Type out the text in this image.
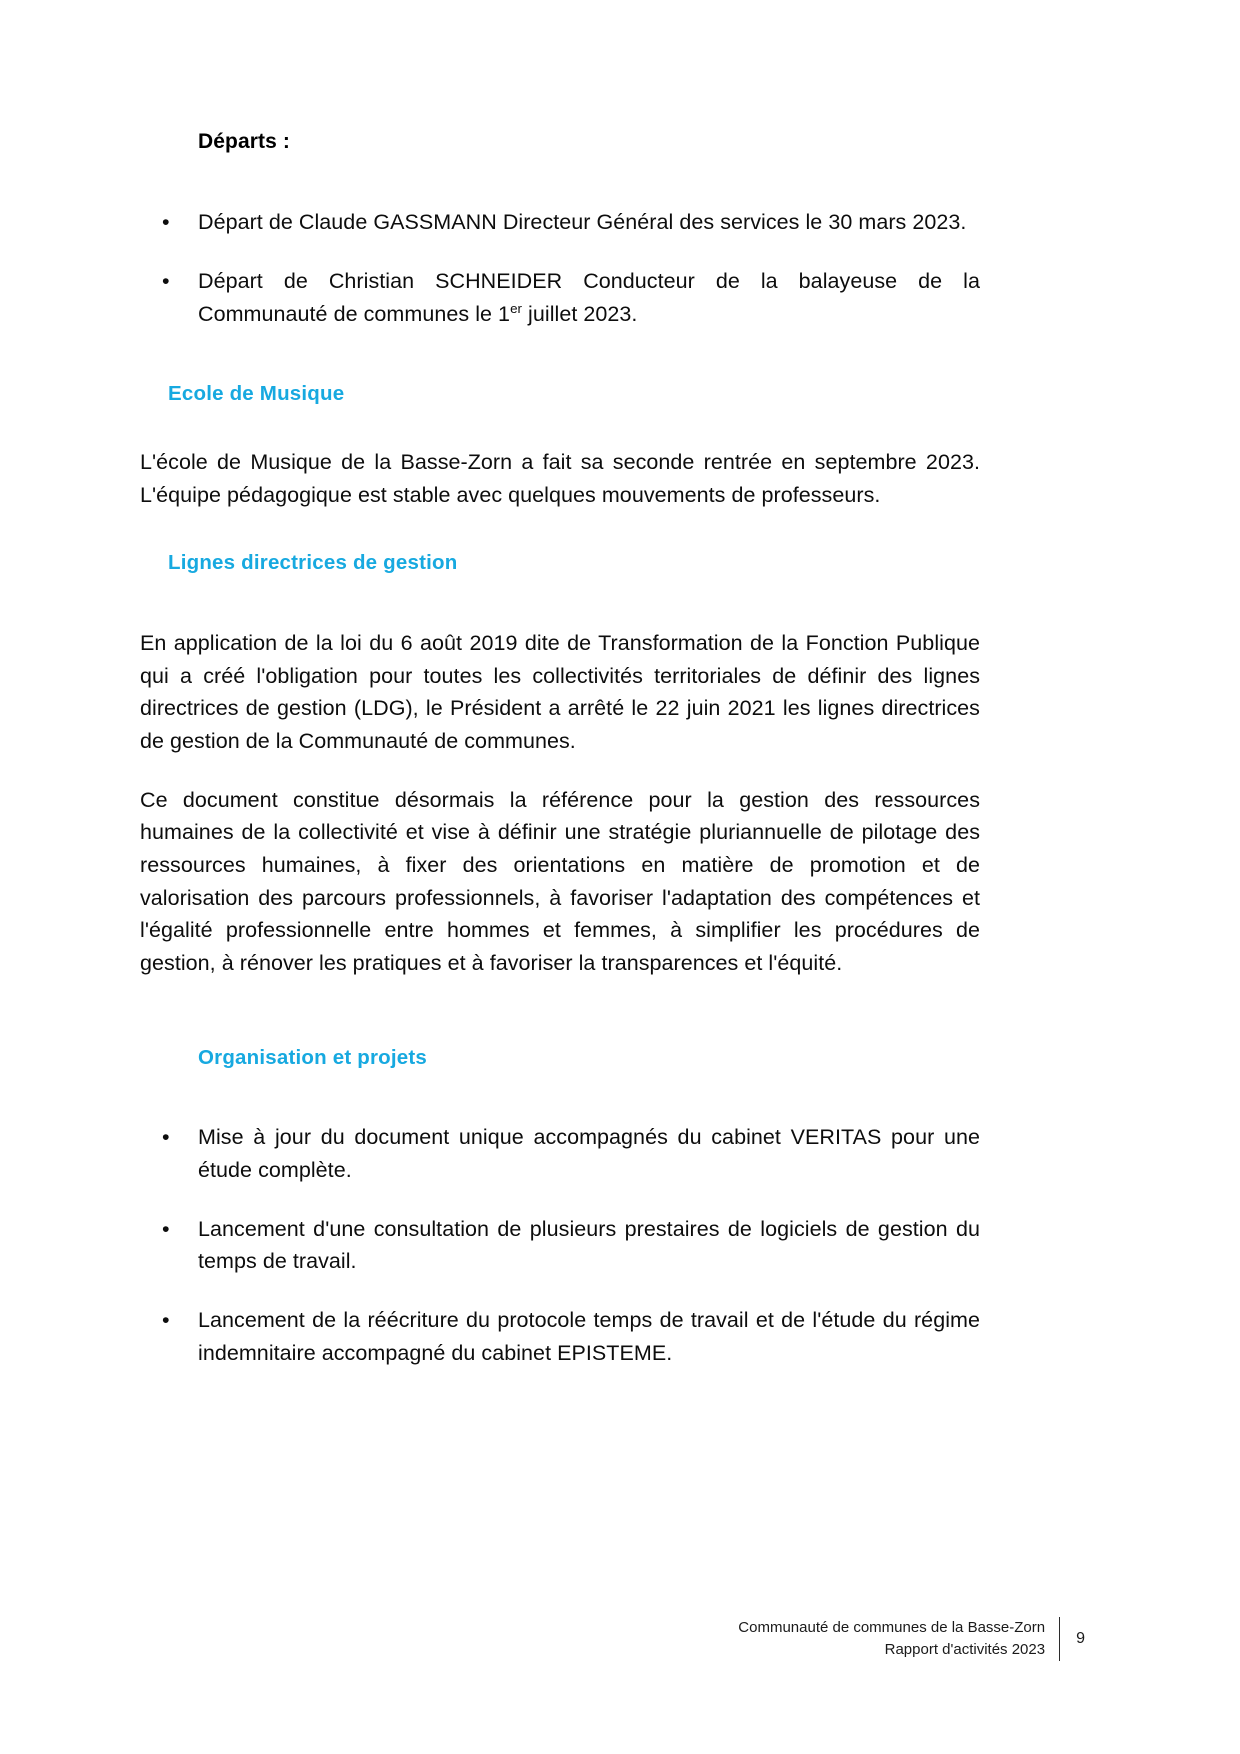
Départs :

• Départ de Claude GASSMANN Directeur Général des services le 30 mars 2023.

• Départ de Christian SCHNEIDER Conducteur de la balayeuse de la Communauté de communes le 1er juillet 2023.

Ecole de Musique

L'école de Musique de la Basse-Zorn a fait sa seconde rentrée en septembre 2023. L'équipe pédagogique est stable avec quelques mouvements de professeurs.

Lignes directrices de gestion

En application de la loi du 6 août 2019 dite de Transformation de la Fonction Publique qui a créé l'obligation pour toutes les collectivités territoriales de définir des lignes directrices de gestion (LDG), le Président a arrêté le 22 juin 2021 les lignes directrices de gestion de la Communauté de communes.

Ce document constitue désormais la référence pour la gestion des ressources humaines de la collectivité et vise à définir une stratégie pluriannuelle de pilotage des ressources humaines, à fixer des orientations en matière de promotion et de valorisation des parcours professionnels, à favoriser l'adaptation des compétences et l'égalité professionnelle entre hommes et femmes, à simplifier les procédures de gestion, à rénover les pratiques et à favoriser la transparences et l'équité.

Organisation et projets

• Mise à jour du document unique accompagnés du cabinet VERITAS pour une étude complète.

• Lancement d'une consultation de plusieurs prestaires de logiciels de gestion du temps de travail.

• Lancement de la réécriture du protocole temps de travail et de l'étude du régime indemnitaire accompagné du cabinet EPISTEME.

Communauté de communes de la Basse-Zorn
Rapport d'activités 2023
9
